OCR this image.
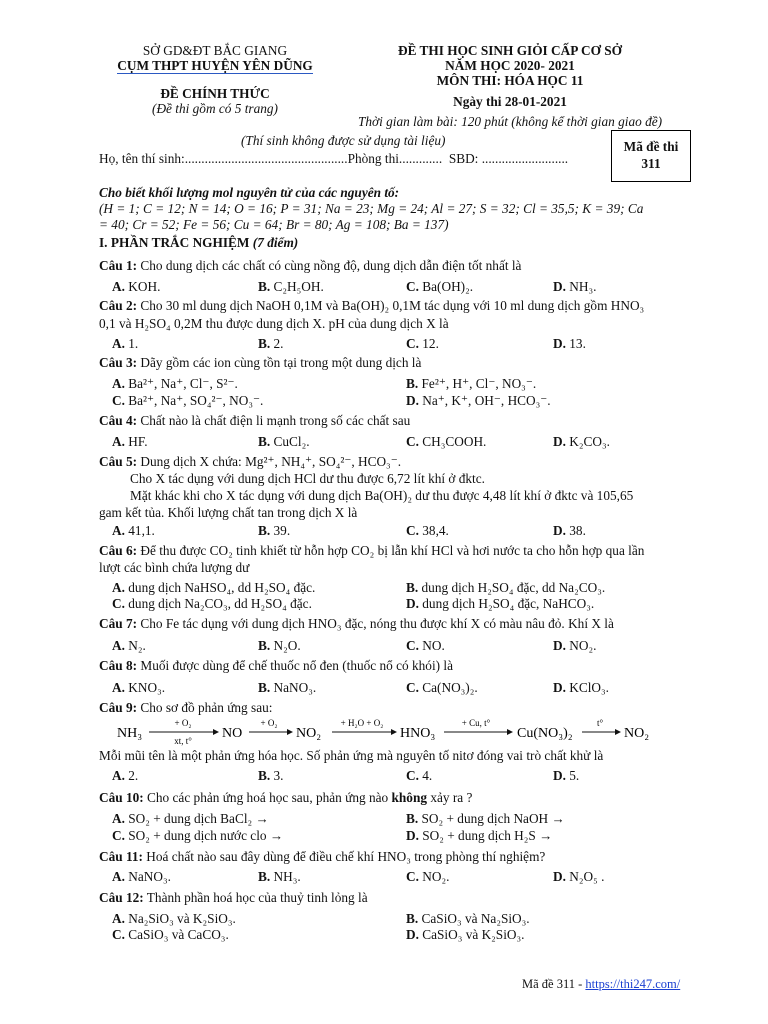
SỞ GD&ĐT BẮC GIANG
CỤM THPT HUYỆN YÊN DŨNG
ĐỀ CHÍNH THỨC
(Đề thi gồm có 5 trang)
ĐỀ THI HỌC SINH GIỎI CẤP CƠ SỞ
NĂM HỌC 2020- 2021
MÔN THI: HÓA HỌC 11
Ngày thi 28-01-2021
Thời gian làm bài: 120 phút (không kể thời gian giao đề)
(Thí sinh không được sử dụng tài liệu)
Họ, tên thí sinh:.................................................Phòng thi............. SBD: ..........................
Mã đề thi
311
Cho biết khối lượng mol nguyên tử của các nguyên tố:
(H = 1; C = 12; N = 14; O = 16; P = 31; Na = 23; Mg = 24; Al = 27; S = 32; Cl = 35,5; K = 39; Ca
= 40; Cr = 52; Fe = 56; Cu = 64; Br = 80; Ag = 108; Ba = 137)
I. PHẦN TRẮC NGHIỆM (7 điểm)
Câu 1: Cho dung dịch các chất có cùng nồng độ, dung dịch dẫn điện tốt nhất là
A. KOH.	B. C₂H₅OH.	C. Ba(OH)₂.	D. NH₃.
Câu 2: Cho 30 ml dung dịch NaOH 0,1M và Ba(OH)₂ 0,1M tác dụng với 10 ml dung dịch gồm HNO₃
0,1 và H₂SO₄ 0,2M thu được dung dịch X. pH của dung dịch X là
A. 1.	B. 2.	C. 12.	D. 13.
Câu 3: Dãy gồm các ion cùng tồn tại trong một dung dịch là
A. Ba²⁺, Na⁺, Cl⁻, S²⁻.	B. Fe²⁺, H⁺, Cl⁻, NO₃⁻.
C. Ba²⁺, Na⁺, SO₄²⁻, NO₃⁻.	D. Na⁺, K⁺, OH⁻, HCO₃⁻.
Câu 4: Chất nào là chất điện li mạnh trong số các chất sau
A. HF.	B. CuCl₂.	C. CH₃COOH.	D. K₂CO₃.
Câu 5: Dung dịch X chứa: Mg²⁺, NH₄⁺, SO₄²⁻, HCO₃⁻.
Cho X tác dụng với dung dịch HCl dư thu được 6,72 lít khí ở đktc.
Mặt khác khi cho X tác dụng với dung dịch Ba(OH)₂ dư thu được 4,48 lít khí ở đktc và 105,65
gam kết tủa. Khối lượng chất tan trong dịch X là
A. 41,1.	B. 39.	C. 38,4.	D. 38.
Câu 6: Để thu được CO₂ tinh khiết từ hỗn hợp CO₂ bị lẫn khí HCl và hơi nước ta cho hỗn hợp qua lần
lượt các bình chứa lượng dư
A. dung dịch NaHSO₄, dd H₂SO₄ đặc.	B. dung dịch H₂SO₄ đặc, dd Na₂CO₃.
C. dung dịch Na₂CO₃, dd H₂SO₄ đặc.	D. dung dịch H₂SO₄ đặc, NaHCO₃.
Câu 7: Cho Fe tác dụng với dung dịch HNO₃ đặc, nóng thu được khí X có màu nâu đỏ. Khí X là
A. N₂.	B. N₂O.	C. NO.	D. NO₂.
Câu 8: Muối được dùng để chế thuốc nổ đen (thuốc nổ có khói) là
A. KNO₃.	B. NaNO₃.	C. Ca(NO₃)₂.	D. KClO₃.
Câu 9: Cho sơ đồ phản ứng sau:
NH₃
+ O₂
xt, t° NO
+ O₂
NO₂
+ H₂O + O₂
HNO₃
+ Cu, t°
Cu(NO₃)₂
t°
NO₂
Mỗi mũi tên là một phản ứng hóa học. Số phản ứng mà nguyên tố nitơ đóng vai trò chất khử là
A. 2.	B. 3.	C. 4.	D. 5.
Câu 10: Cho các phản ứng hoá học sau, phản ứng nào không xảy ra ?
A. SO₂ + dung dịch BaCl₂ →	B. SO₂ + dung dịch NaOH →
C. SO₂ + dung dịch nước clo →	D. SO₂ + dung dịch H₂S →
Câu 11: Hoá chất nào sau đây dùng để điều chế khí HNO₃ trong phòng thí nghiệm?
A. NaNO₃.	B. NH₃.	C. NO₂.	D. N₂O₅ .
Câu 12: Thành phần hoá học của thuỷ tinh lỏng là
A. Na₂SiO₃ và K₂SiO₃.	B. CaSiO₃ và Na₂SiO₃.
C. CaSiO₃ và CaCO₃.	D. CaSiO₃ và K₂SiO₃.
Mã đề 311 - https://thi247.com/
